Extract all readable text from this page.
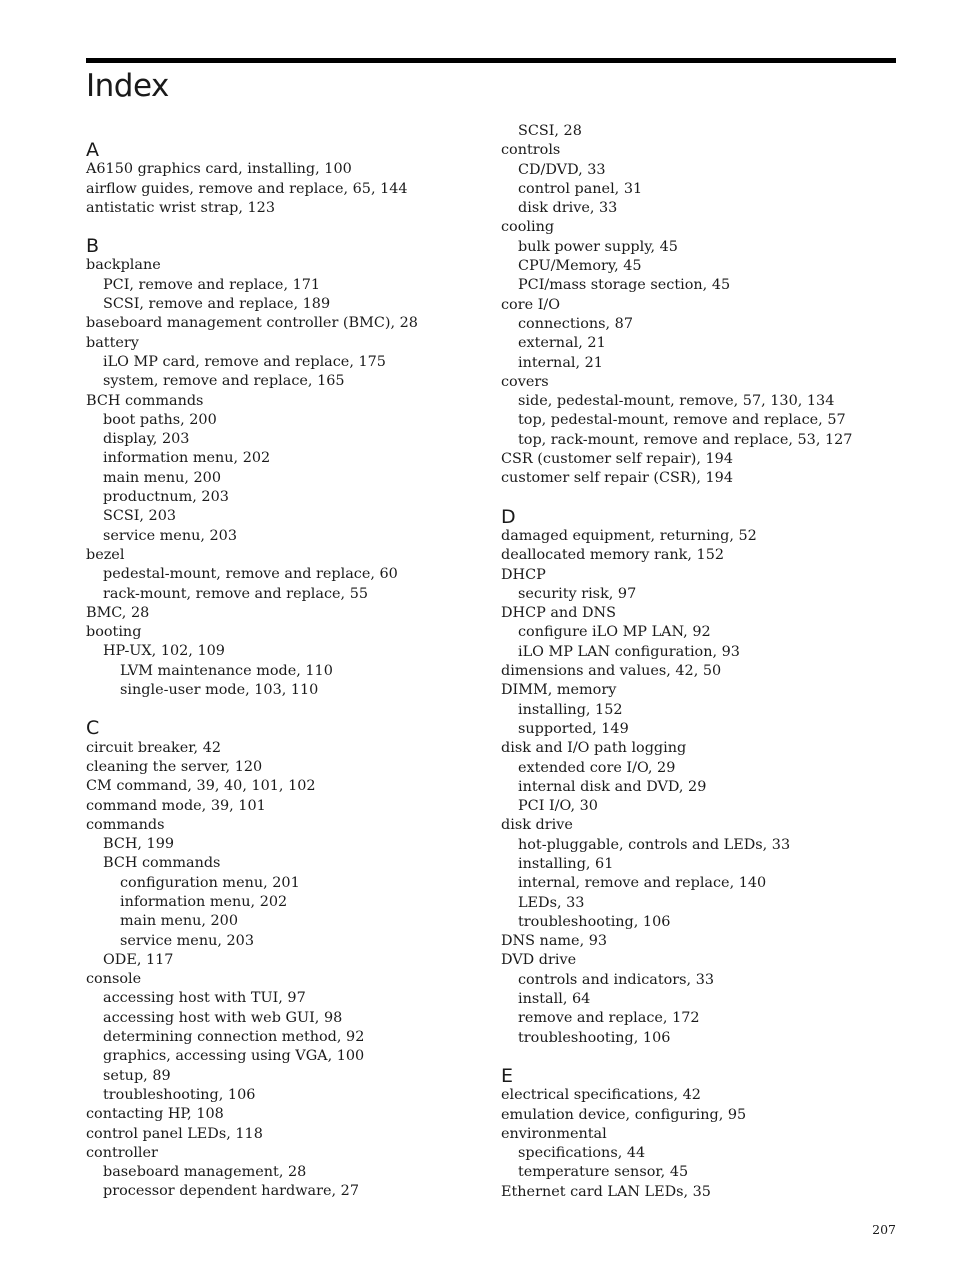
Index
A
A6150 graphics card, installing, 100
airflow guides, remove and replace, 65, 144
antistatic wrist strap, 123
B
backplane
PCI, remove and replace, 171
SCSI, remove and replace, 189
baseboard management controller (BMC), 28
battery
iLO MP card, remove and replace, 175
system, remove and replace, 165
BCH commands
boot paths, 200
display, 203
information menu, 202
main menu, 200
productnum, 203
SCSI, 203
service menu, 203
bezel
pedestal-mount, remove and replace, 60
rack-mount, remove and replace, 55
BMC, 28
booting
HP-UX, 102, 109
LVM maintenance mode, 110
single-user mode, 103, 110
C
circuit breaker, 42
cleaning the server, 120
CM command, 39, 40, 101, 102
command mode, 39, 101
commands
BCH, 199
BCH commands
configuration menu, 201
information menu, 202
main menu, 200
service menu, 203
ODE, 117
console
accessing host with TUI, 97
accessing host with web GUI, 98
determining connection method, 92
graphics, accessing using VGA, 100
setup, 89
troubleshooting, 106
contacting HP, 108
control panel LEDs, 118
controller
baseboard management, 28
processor dependent hardware, 27
SCSI, 28
controls
CD/DVD, 33
control panel, 31
disk drive, 33
cooling
bulk power supply, 45
CPU/Memory, 45
PCI/mass storage section, 45
core I/O
connections, 87
external, 21
internal, 21
covers
side, pedestal-mount, remove, 57, 130, 134
top, pedestal-mount, remove and replace, 57
top, rack-mount, remove and replace, 53, 127
CSR (customer self repair), 194
customer self repair (CSR), 194
D
damaged equipment, returning, 52
deallocated memory rank, 152
DHCP
security risk, 97
DHCP and DNS
configure iLO MP LAN, 92
iLO MP LAN configuration, 93
dimensions and values, 42, 50
DIMM, memory
installing, 152
supported, 149
disk and I/O path logging
extended core I/O, 29
internal disk and DVD, 29
PCI I/O, 30
disk drive
hot-pluggable, controls and LEDs, 33
installing, 61
internal, remove and replace, 140
LEDs, 33
troubleshooting, 106
DNS name, 93
DVD drive
controls and indicators, 33
install, 64
remove and replace, 172
troubleshooting, 106
E
electrical specifications, 42
emulation device, configuring, 95
environmental
specifications, 44
temperature sensor, 45
Ethernet card LAN LEDs, 35
207
